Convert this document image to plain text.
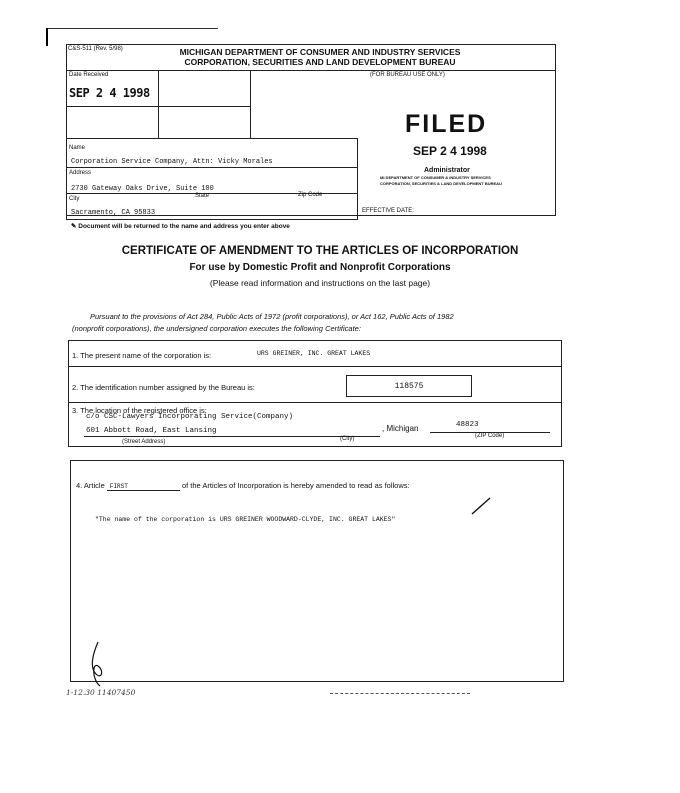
C&S-511 (Rev. 5/98)	MICHIGAN DEPARTMENT OF CONSUMER AND INDUSTRY SERVICES
CORPORATION, SECURITIES AND LAND DEVELOPMENT BUREAU
Date Received
SEP 2 4 1998
(FOR BUREAU USE ONLY)
FILED
SEP 2 4 1998
Administrator
MI DEPARTMENT OF CONSUMER & INDUSTRY SERVICES
CORPORATION, SECURITIES & LAND DEVELOPMENT BUREAU
Name
Corporation Service Company, Attn: Vicky Morales
Address
2730 Gateway Oaks Drive, Suite 100
City	State	Zip Code
Sacramento, CA 95833	EFFECTIVE DATE:
✎ Document will be returned to the name and address you enter above
CERTIFICATE OF AMENDMENT TO THE ARTICLES OF INCORPORATION
For use by Domestic Profit and Nonprofit Corporations
(Please read information and instructions on the last page)
Pursuant to the provisions of Act 284, Public Acts of 1972 (profit corporations), or Act 162, Public Acts of 1982
(nonprofit corporations), the undersigned corporation executes the following Certificate:
1. The present name of the corporation is:	URS GREINER, INC. GREAT LAKES
2. The identification number assigned by the Bureau is:	118575
3. The location of the registered office is:
c/o CSC-Lawyers Incorporating Service(Company)
601 Abbott Road, East Lansing	, Michigan	48823
(Street Address)	(City)	(ZIP Code)
4. Article FIRST	of the Articles of Incorporation is hereby amended to read as follows:
"The name of the corporation is URS GREINER WOODWARD-CLYDE, INC. GREAT LAKES"
1-12.30 11407450
